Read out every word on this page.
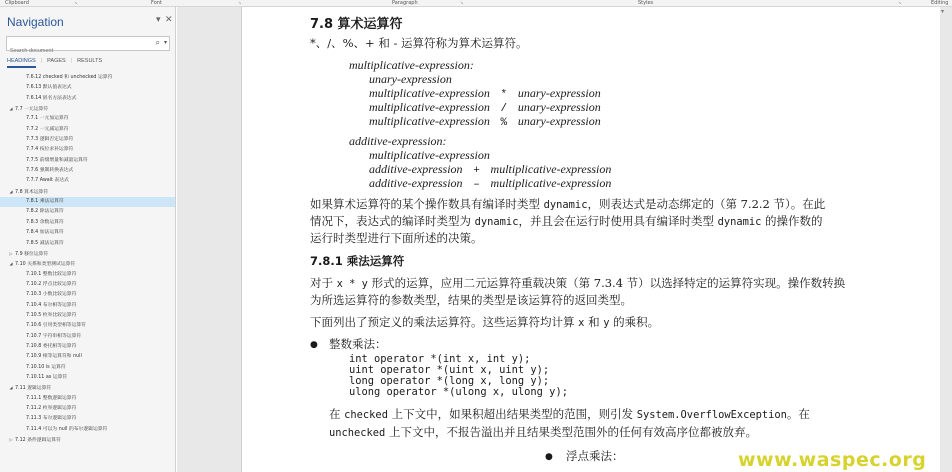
Clipboard	↘	Font	↘	Paragraph	↘	Styles	↘	Editing
Navigation	▾ ✕
Search document
⌕ ▾
HEADINGS | PAGES | RESULTS
7.6.12 checked 和 unchecked 运算符
7.6.13 默认值表达式
7.6.14 匿名方法表达式
◢ 7.7 一元运算符
7.7.1 一元加运算符
7.7.2 一元减运算符
7.7.3 逻辑否定运算符
7.7.4 按位求补运算符
7.7.5 前缀增量和减量运算符
7.7.6 强制转换表达式
7.7.7 Await 表达式
◢ 7.8 算术运算符
7.8.1 乘法运算符
7.8.2 除法运算符
7.8.3 余数运算符
7.8.4 加法运算符
7.8.5 减法运算符
▷ 7.9 移位运算符
◢ 7.10 关系和类型测试运算符
7.10.1 整数比较运算符
7.10.2 浮点比较运算符
7.10.3 小数比较运算符
7.10.4 布尔相等运算符
7.10.5 枚举比较运算符
7.10.6 引用类型相等运算符
7.10.7 字符串相等运算符
7.10.8 委托相等运算符
7.10.9 相等运算符和 null
7.10.10 is 运算符
7.10.11 as 运算符
◢ 7.11 逻辑运算符
7.11.1 整数逻辑运算符
7.11.2 枚举逻辑运算符
7.11.3 布尔逻辑运算符
7.11.4 可以为 null 的布尔逻辑运算符
▷ 7.12 条件逻辑运算符
▾
7.8 算术运算符
*、/、%、+ 和 - 运算符称为算术运算符。
multiplicative-expression:
unary-expression
multiplicative-expression * unary-expression
multiplicative-expression / unary-expression
multiplicative-expression % unary-expression
additive-expression:
multiplicative-expression
additive-expression + multiplicative-expression
additive-expression – multiplicative-expression
如果算术运算符的某个操作数具有编译时类型 dynamic，则表达式是动态绑定的（第 7.2.2 节）。在此
情况下，表达式的编译时类型为 dynamic，并且会在运行时使用具有编译时类型 dynamic 的操作数的
运行时类型进行下面所述的决策。
7.8.1 乘法运算符
对于 x * y 形式的运算，应用二元运算符重载决策（第 7.3.4 节）以选择特定的运算符实现。操作数转换
为所选运算符的参数类型，结果的类型是该运算符的返回类型。
下面列出了预定义的乘法运算符。这些运算符均计算 x 和 y 的乘积。
● 整数乘法：
int operator *(int x, int y);
uint operator *(uint x, uint y);
long operator *(long x, long y);
ulong operator *(ulong x, ulong y);
在 checked 上下文中，如果积超出结果类型的范围，则引发 System.OverflowException。在
unchecked 上下文中，不报告溢出并且结果类型范围外的任何有效高序位都被放弃。
● 浮点乘法：	www.waspec.org
